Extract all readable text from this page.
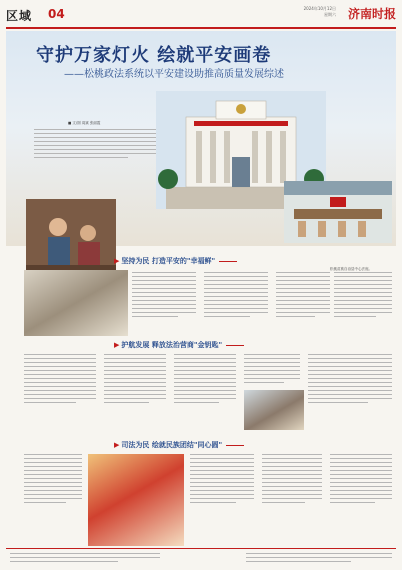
区域 04	2024年10月12日
星期六 济南时报
守护万家灯火 绘就平安画卷
——松桃政法系统以平安建设助推高质量发展综述
■ 文/图 周斌 张丽霞
松桃苗族自治县中心法庭。
▶ 坚持为民 打造平安的"幸福鲜"
▶ 护航发展 释放法治营商"金钥匙"
▶ 司法为民 绘就民族团结"同心圆"
